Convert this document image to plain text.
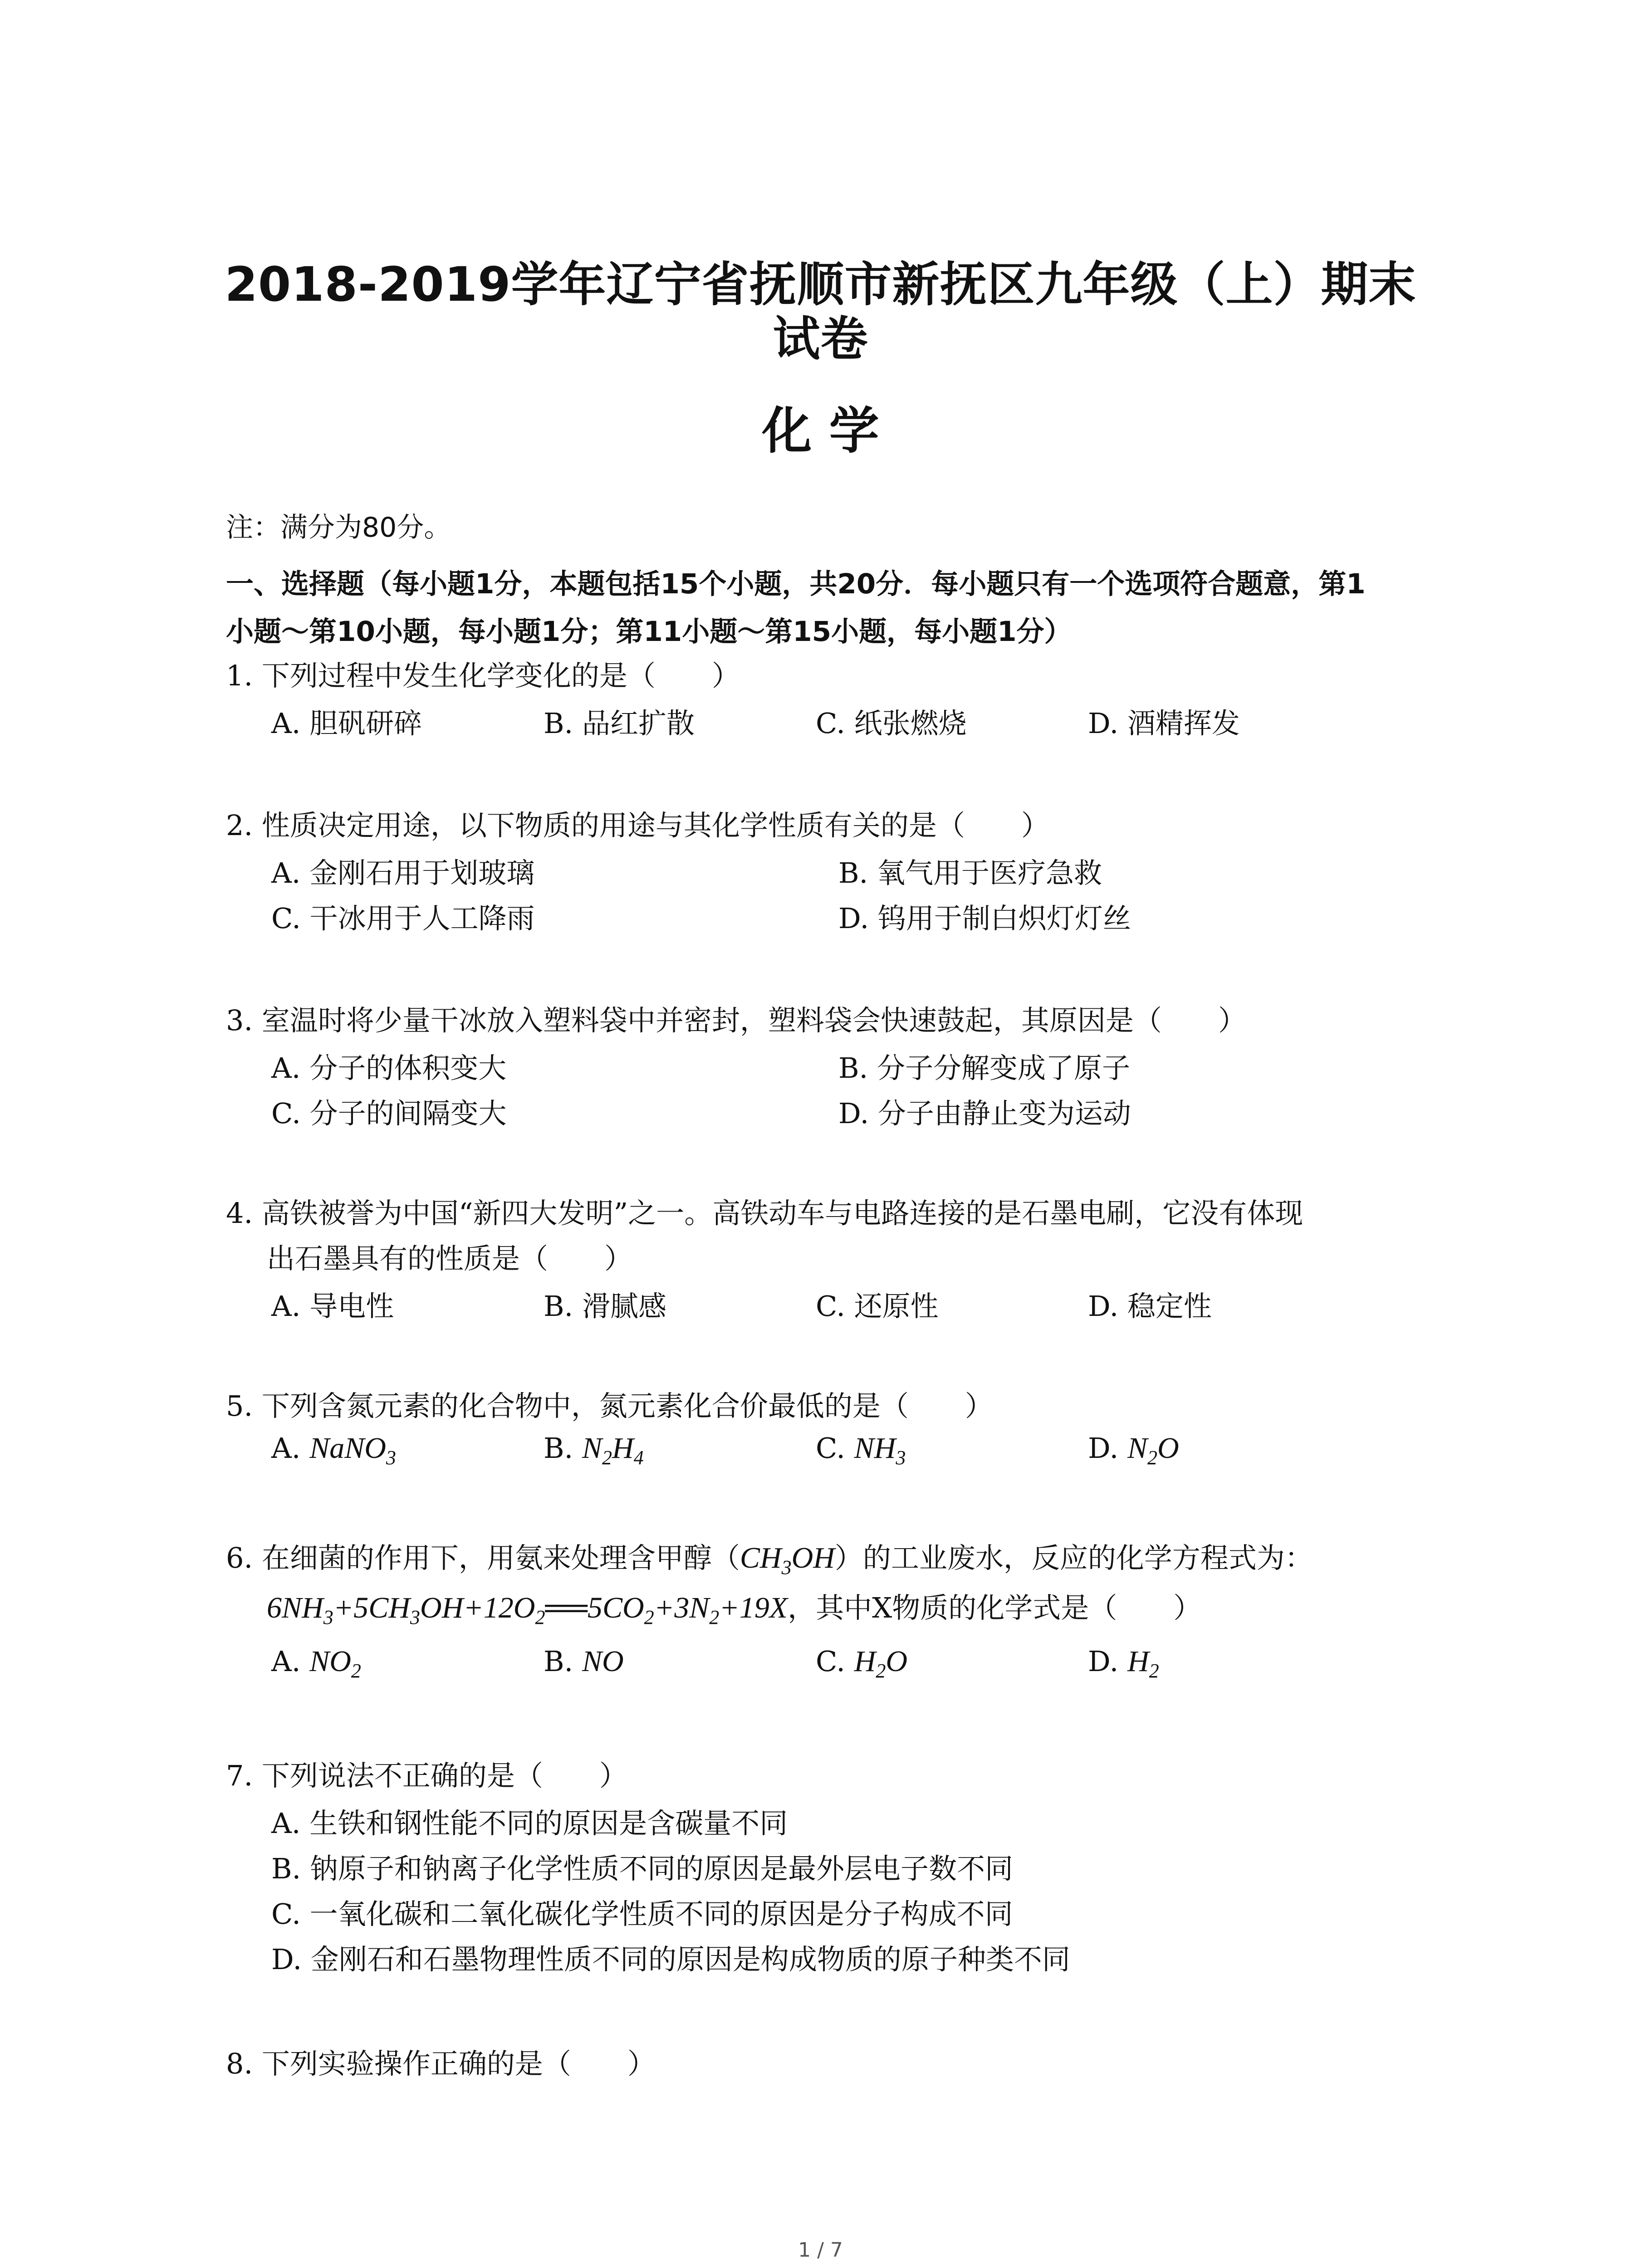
2018-2019学年辽宁省抚顺市新抚区九年级（上）期末
试卷
化 学
注：满分为80分。
一、选择题（每小题1分，本题包括15个小题，共20分．每小题只有一个选项符合题意，第1
小题～第10小题，每小题1分；第11小题～第15小题，每小题1分）
1. 下列过程中发生化学变化的是（　　）
A. 胆矾研碎	B. 品红扩散	C. 纸张燃烧	D. 酒精挥发
2. 性质决定用途，以下物质的用途与其化学性质有关的是（　　）
A. 金刚石用于划玻璃	B. 氧气用于医疗急救
C. 干冰用于人工降雨	D. 钨用于制白炽灯灯丝
3. 室温时将少量干冰放入塑料袋中并密封，塑料袋会快速鼓起，其原因是（　　）
A. 分子的体积变大	B. 分子分解变成了原子
C. 分子的间隔变大	D. 分子由静止变为运动
4. 高铁被誉为中国“新四大发明”之一。高铁动车与电路连接的是石墨电刷，它没有体现
出石墨具有的性质是（　　）
A. 导电性	B. 滑腻感	C. 还原性	D. 稳定性
5. 下列含氮元素的化合物中，氮元素化合价最低的是（　　）
A. NaNO$_3$	B. $N_2H_4$	C. $NH_3$	D. $N_2O$
6. 在细菌的作用下，用氨来处理含甲醇$(CH_3OH)$的工业废水，反应的化学方程式为：
$6NH_3+5CH_3OH+12O_2══5CO_2+3N_2+19X$，其中X物质的化学式是（　　）
A. $NO_2$	B. NO	C. $H_2O$	D. $H_2$
7. 下列说法不正确的是（　　）
A. 生铁和钢性能不同的原因是含碳量不同
B. 钠原子和钠离子化学性质不同的原因是最外层电子数不同
C. 一氧化碳和二氧化碳化学性质不同的原因是分子构成不同
D. 金刚石和石墨物理性质不同的原因是构成物质的原子种类不同
8. 下列实验操作正确的是（　　）
1 / 7
